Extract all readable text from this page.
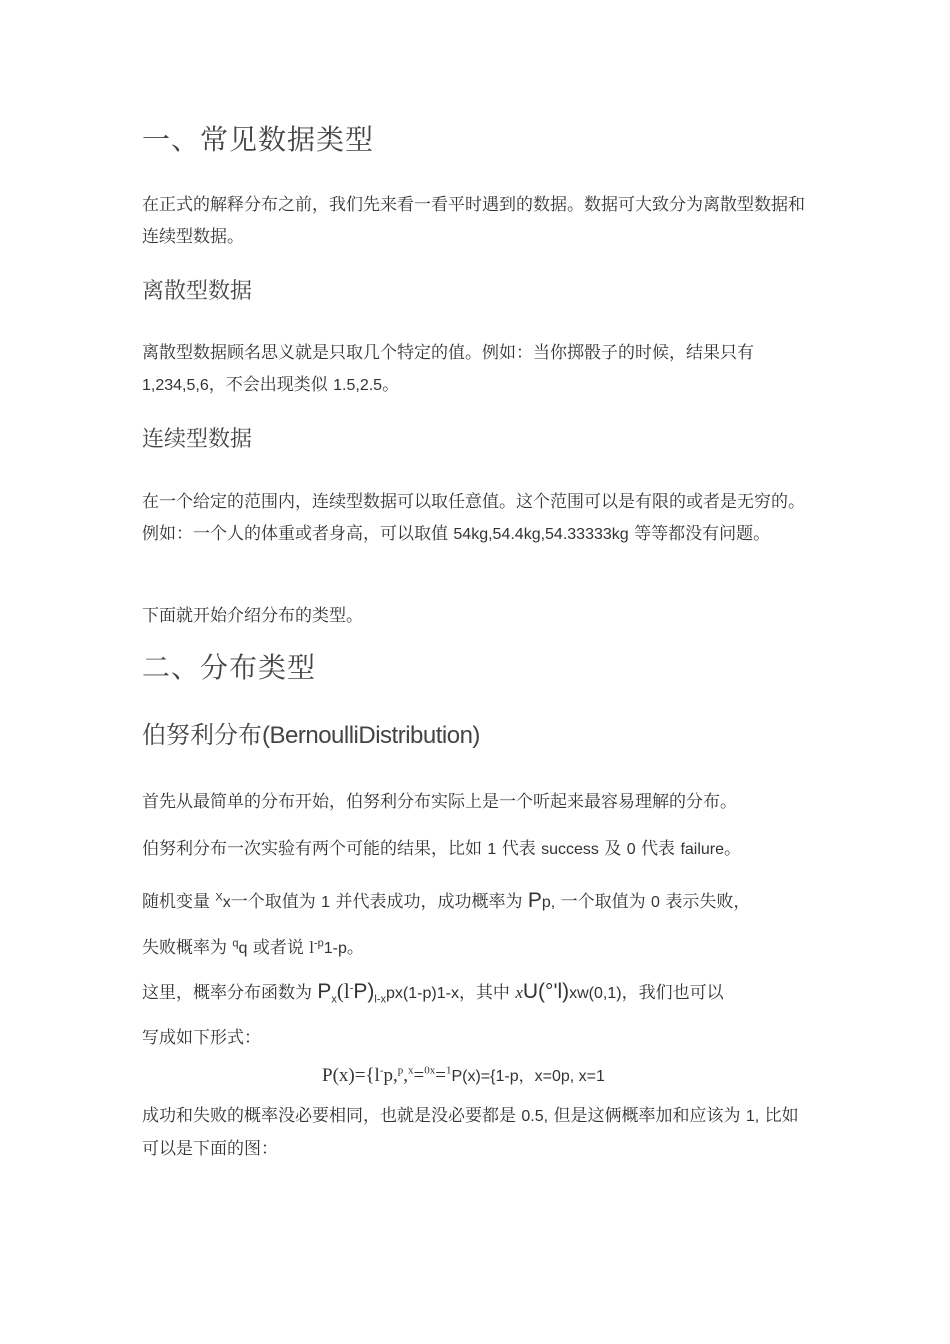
一、常见数据类型

在正式的解释分布之前，我们先来看一看平时遇到的数据。数据可大致分为离散型数据和连续型数据。

离散型数据

离散型数据顾名思义就是只取几个特定的值。例如：当你掷骰子的时候，结果只有 1,234,5,6，不会出现类似 1.5,2.5。

连续型数据

在一个给定的范围内，连续型数据可以取任意值。这个范围可以是有限的或者是无穷的。例如：一个人的体重或者身高，可以取值 54kg,54.4kg,54.33333kg 等等都没有问题。

下面就开始介绍分布的类型。

二、分布类型
伯努利分布(BernoulliDistribution)

首先从最简单的分布开始，伯努利分布实际上是一个听起来最容易理解的分布。

伯努利分布一次实验有两个可能的结果，比如 1 代表 success 及 0 代表 failure。

随机变量 $^X$x一个取值为 1 并代表成功，成功概率为 Pp, 一个取值为 0 表示失败，
失败概率为 $^q$q 或者说 $l^{-p}1-p$。

这里，概率分布函数为 $P_x(l^-P)_{l-x}px(1-p)1-x$，其中 xU(°'l)xw(0,1)，我们也可以
写成如下形式：

P(x)={l-p,$^p$,$^x$=$^{0x}$=$^1$P(x)={1-p，x=0p, x=1

成功和失败的概率没必要相同，也就是没必要都是 0.5, 但是这俩概率加和应该为 1, 比如可以是下面的图：
